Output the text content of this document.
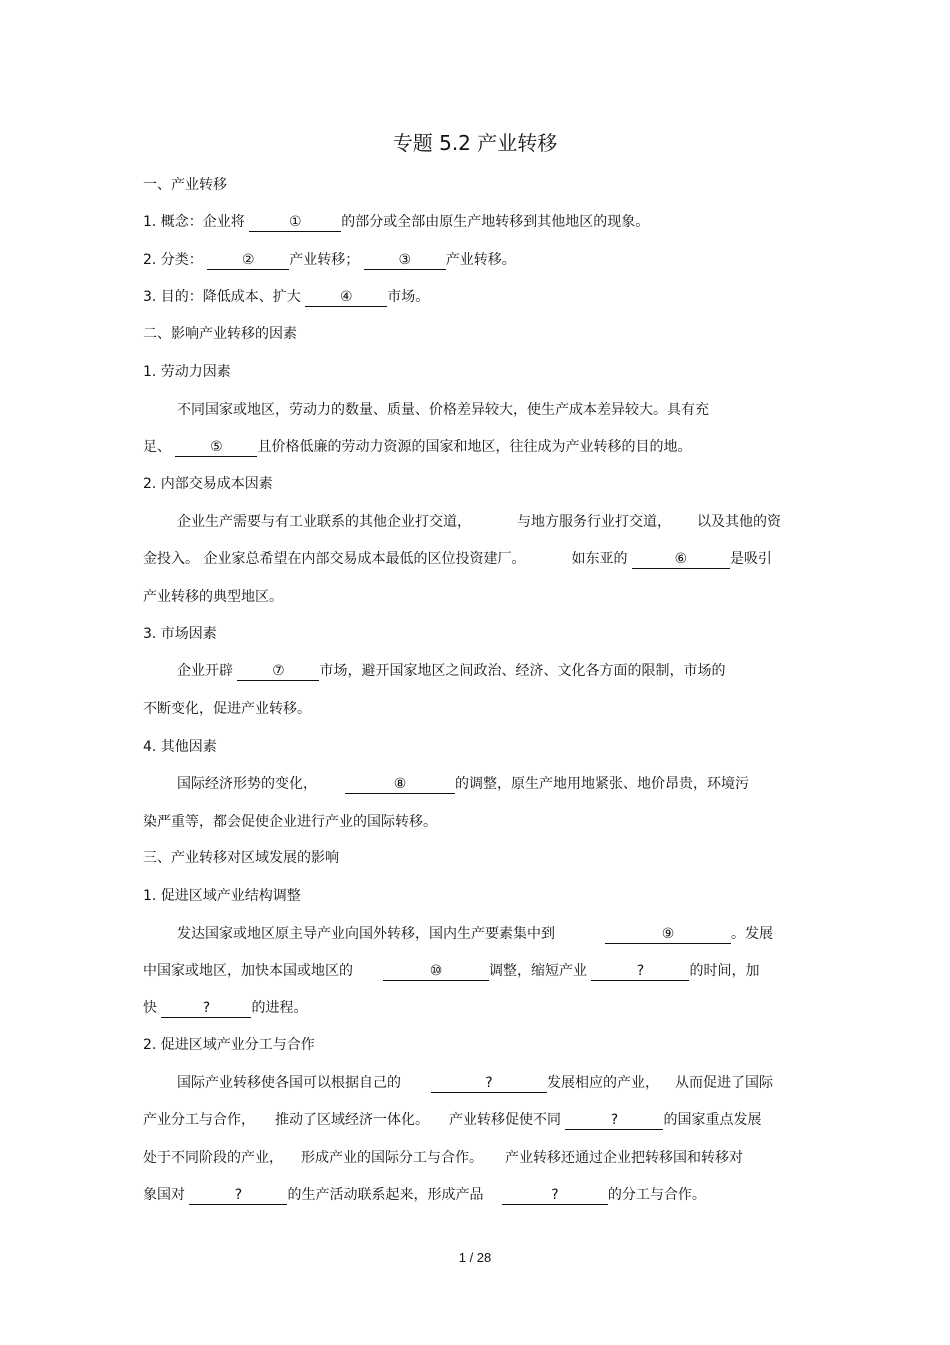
专题 5.2 产业转移
一、产业转移
1. 概念：企业将	①	的部分或全部由原生产地转移到其他地区的现象。
2. 分类： ② 产业转移； ③ 产业转移。
3. 目的：降低成本、扩大 ④ 市场。
二、影响产业转移的因素
1. 劳动力因素
不同国家或地区，劳动力的数量、质量、价格差异较大，使生产成本差异较大。具有充
足、 ⑤ 且价格低廉的劳动力资源的国家和地区，往往成为产业转移的目的地。
2. 内部交易成本因素
企业生产需要与有工业联系的其他企业打交道，	与地方服务行业打交道， 以及其他的资
金投入。 企业家总希望在内部交易成本最低的区位投资建厂。	如东亚的	⑥	是吸引
产业转移的典型地区。
3. 市场因素
企业开辟 ⑦ 市场，避开国家地区之间政治、经济、文化各方面的限制，市场的
不断变化，促进产业转移。
4. 其他因素
国际经济形势的变化，	⑧	的调整，原生产地用地紧张、地价昂贵，环境污
染严重等，都会促使企业进行产业的国际转移。
三、产业转移对区域发展的影响
1. 促进区域产业结构调整
发达国家或地区原主导产业向国外转移，国内生产要素集中到	⑨	。发展
中国家或地区，加快本国或地区的	⑩	调整，缩短产业	?	的时间，加
快	?	的进程。
2. 促进区域产业分工与合作
国际产业转移使各国可以根据自己的	?	发展相应的产业， 从而促进了国际
产业分工与合作， 推动了区域经济一体化。 产业转移促使不同	?	的国家重点发展
处于不同阶段的产业， 形成产业的国际分工与合作。 产业转移还通过企业把转移国和转移对
象国对	?	的生产活动联系起来，形成产品	?	的分工与合作。
1 / 28
